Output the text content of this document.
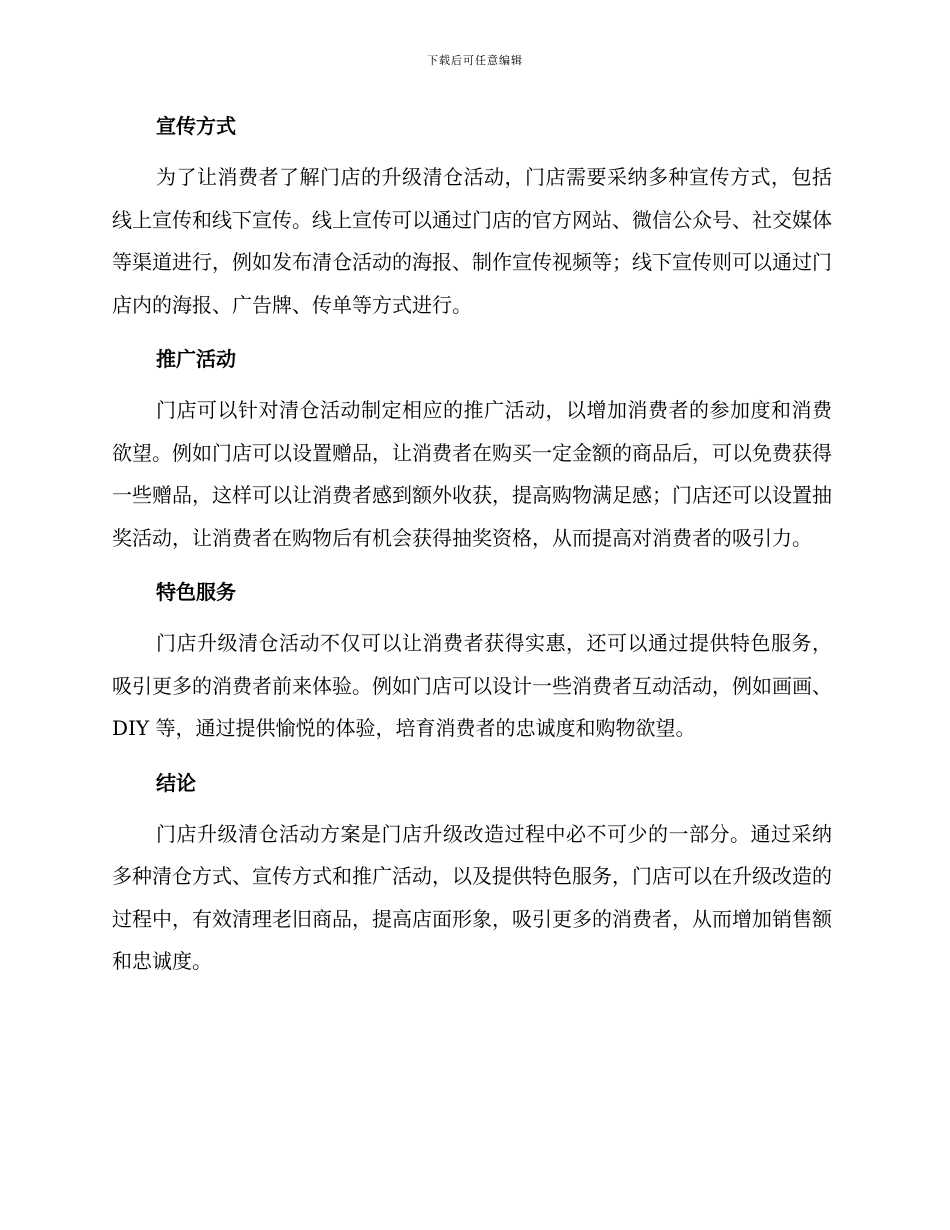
下载后可任意编辑
宣传方式

为了让消费者了解门店的升级清仓活动，门店需要采纳多种宣传方式，包括线上宣传和线下宣传。线上宣传可以通过门店的官方网站、微信公众号、社交媒体等渠道进行，例如发布清仓活动的海报、制作宣传视频等；线下宣传则可以通过门店内的海报、广告牌、传单等方式进行。

推广活动

门店可以针对清仓活动制定相应的推广活动，以增加消费者的参加度和消费欲望。例如门店可以设置赠品，让消费者在购买一定金额的商品后，可以免费获得一些赠品，这样可以让消费者感到额外收获，提高购物满足感；门店还可以设置抽奖活动，让消费者在购物后有机会获得抽奖资格，从而提高对消费者的吸引力。

特色服务

门店升级清仓活动不仅可以让消费者获得实惠，还可以通过提供特色服务，吸引更多的消费者前来体验。例如门店可以设计一些消费者互动活动，例如画画、DIY 等，通过提供愉悦的体验，培育消费者的忠诚度和购物欲望。

结论

门店升级清仓活动方案是门店升级改造过程中必不可少的一部分。通过采纳多种清仓方式、宣传方式和推广活动，以及提供特色服务，门店可以在升级改造的过程中，有效清理老旧商品，提高店面形象，吸引更多的消费者，从而增加销售额和忠诚度。
